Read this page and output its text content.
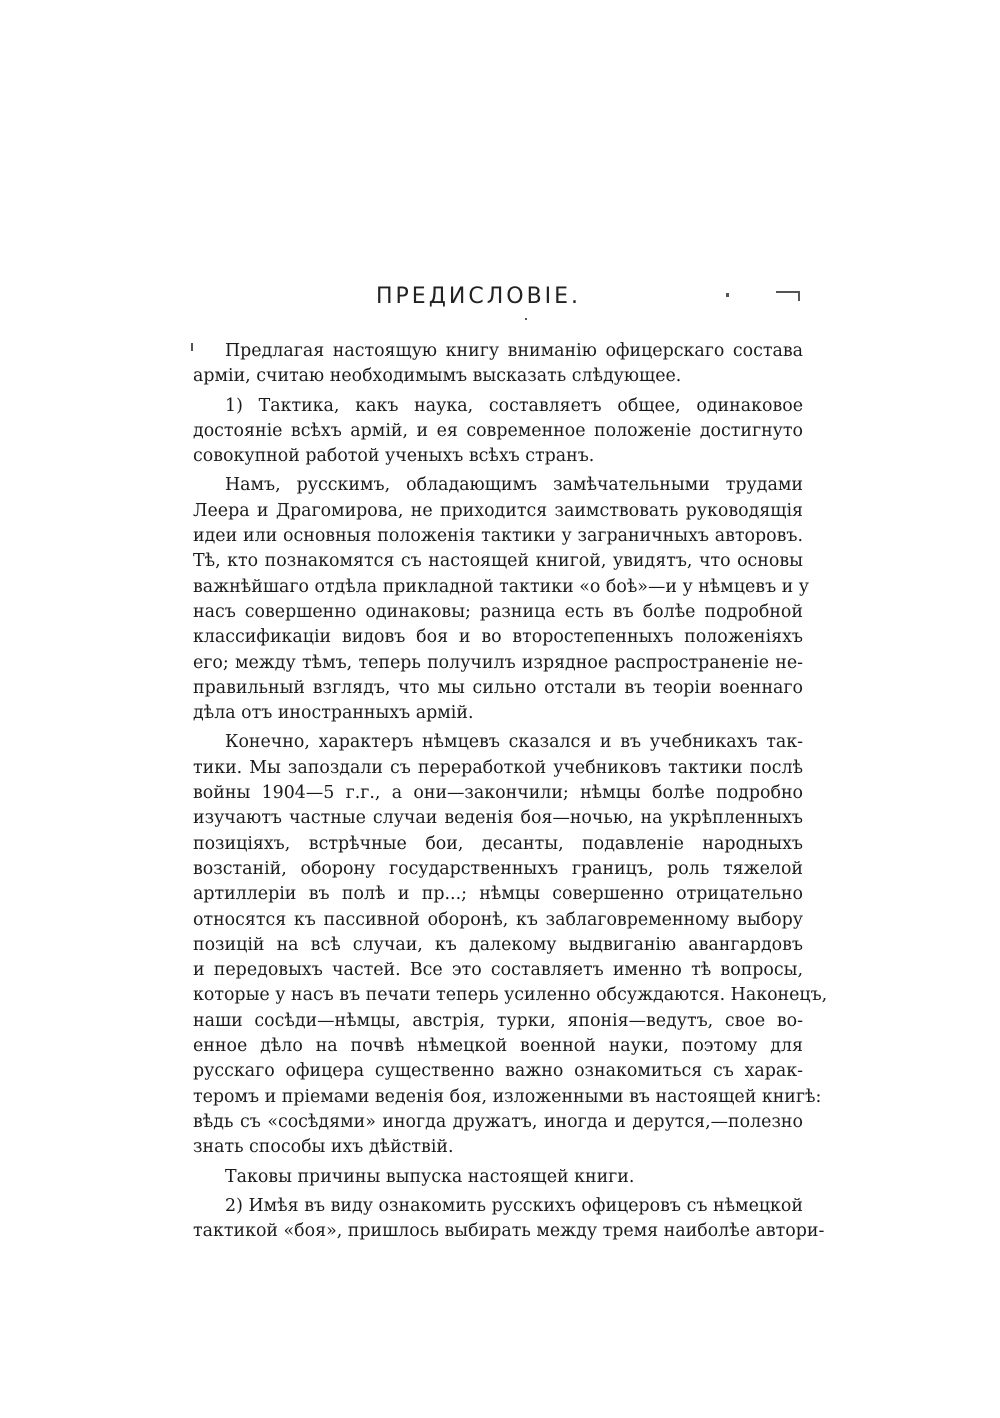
ПРЕДИСЛОВІЕ.
Предлагая настоящую книгу вниманію офицерскаго состава
арміи, считаю необходимымъ высказать слѣдующее.
1) Тактика, какъ наука, составляетъ общее, одинаковое
достояніе всѣхъ армій, и ея современное положеніе достигнуто
совокупной работой ученыхъ всѣхъ странъ.
Намъ, русскимъ, обладающимъ замѣчательными трудами
Леера и Драгомирова, не приходится заимствовать руководящія
идеи или основныя положенія тактики у заграничныхъ авторовъ.
Тѣ, кто познакомятся съ настоящей книгой, увидятъ, что основы
важнѣйшаго отдѣла прикладной тактики «о боѣ»—и у нѣмцевъ и у
насъ совершенно одинаковы; разница есть въ болѣе подробной
классификаціи видовъ боя и во второстепенныхъ положеніяхъ
его; между тѣмъ, теперь получилъ изрядное распространеніе не-
правильный взглядъ, что мы сильно отстали въ теоріи военнаго
дѣла отъ иностранныхъ армій.
Конечно, характеръ нѣмцевъ сказался и въ учебникахъ так-
тики. Мы запоздали съ переработкой учебниковъ тактики послѣ
войны 1904—5 г.г., а они—закончили; нѣмцы болѣе подробно
изучаютъ частные случаи веденія боя—ночью, на укрѣпленныхъ
позиціяхъ, встрѣчные бои, десанты, подавленіе народныхъ
возстаній, оборону государственныхъ границъ, роль тяжелой
артиллеріи въ полѣ и пр...; нѣмцы совершенно отрицательно
относятся къ пассивной оборонѣ, къ заблаговременному выбору
позицій на всѣ случаи, къ далекому выдвиганію авангардовъ
и передовыхъ частей. Все это составляетъ именно тѣ вопросы,
которые у насъ въ печати теперь усиленно обсуждаются. Наконецъ,
наши сосѣди—нѣмцы, австрія, турки, японія—ведутъ, свое во-
енное дѣло на почвѣ нѣмецкой военной науки, поэтому для
русскаго офицера существенно важно ознакомиться съ харак-
теромъ и пріемами веденія боя, изложенными въ настоящей книгѣ:
вѣдь съ «сосѣдями» иногда дружатъ, иногда и дерутся,—полезно
знать способы ихъ дѣйствій.
Таковы причины выпуска настоящей книги.
2) Имѣя въ виду ознакомить русскихъ офицеровъ съ нѣмецкой
тактикой «боя», пришлось выбирать между тремя наиболѣе автори-
